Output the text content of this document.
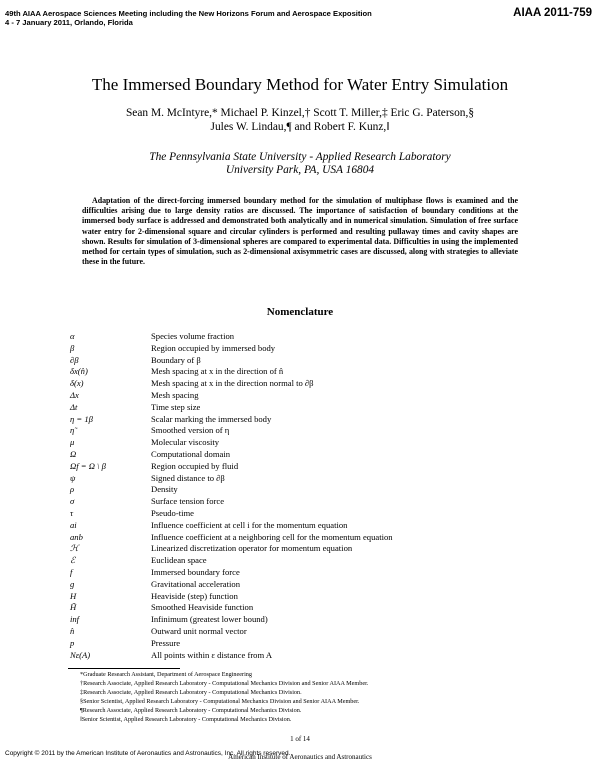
49th AIAA Aerospace Sciences Meeting including the New Horizons Forum and Aerospace Exposition
4 - 7 January 2011, Orlando, Florida
AIAA 2011-759
The Immersed Boundary Method for Water Entry Simulation
Sean M. McIntyre,* Michael P. Kinzel,† Scott T. Miller,‡ Eric G. Paterson,§
Jules W. Lindau,¶ and Robert F. Kunz,‖
The Pennsylvania State University - Applied Research Laboratory
University Park, PA, USA 16804

Adaptation of the direct-forcing immersed boundary method for the simulation of multiphase flows is examined and the difficulties arising due to large density ratios are discussed. The importance of satisfaction of boundary conditions at the immersed body surface is addressed and demonstrated both analytically and in numerical simulation. Simulation of free surface water entry for 2-dimensional square and circular cylinders is performed and resulting pullaway times and cavity shapes are shown. Results for simulation of 3-dimensional spheres are compared to experimental data. Difficulties in using the implemented method for certain types of simulation, such as 2-dimensional axisymmetric cases are discussed, along with strategies to alleviate these in the future.

Nomenclature
α	Species volume fraction
β	Region occupied by immersed body
∂β	Boundary of β
δx(n̂)	Mesh spacing at x in the direction of n̂
δ(x)	Mesh spacing at x in the direction normal to ∂β
Δx	Mesh spacing
Δt	Time step size
η = 1β	Scalar marking the immersed body
η̃	Smoothed version of η
μ	Molecular viscosity
Ω	Computational domain
Ωf = Ω \ β	Region occupied by fluid
ψ	Signed distance to ∂β
ρ	Density
σ	Surface tension force
τ	Pseudo-time
ai	Influence coefficient at cell i for the momentum equation
anb	Influence coefficient at a neighboring cell for the momentum equation
ℋ	Linearized discretization operator for momentum equation
ℰ	Euclidean space
f	Immersed boundary force
g	Gravitational acceleration
H	Heaviside (step) function
H̃	Smoothed Heaviside function
inf	Infinimum (greatest lower bound)
n̂	Outward unit normal vector
p	Pressure
Nε(A)	All points within ε distance from A
*Graduate Research Assistant, Department of Aerospace Engineering
†Research Associate, Applied Research Laboratory - Computational Mechanics Division and Senior AIAA Member.
‡Research Associate, Applied Research Laboratory - Computational Mechanics Division.
§Senior Scientist, Applied Research Laboratory - Computational Mechanics Division and Senior AIAA Member.
¶Research Associate, Applied Research Laboratory - Computational Mechanics Division.
‖Senior Scientist, Applied Research Laboratory - Computational Mechanics Division.
1 of 14
Copyright © 2011 by the American Institute of Aeronautics and Astronautics, Inc. All rights reserved.
American Institute of Aeronautics and Astronautics
